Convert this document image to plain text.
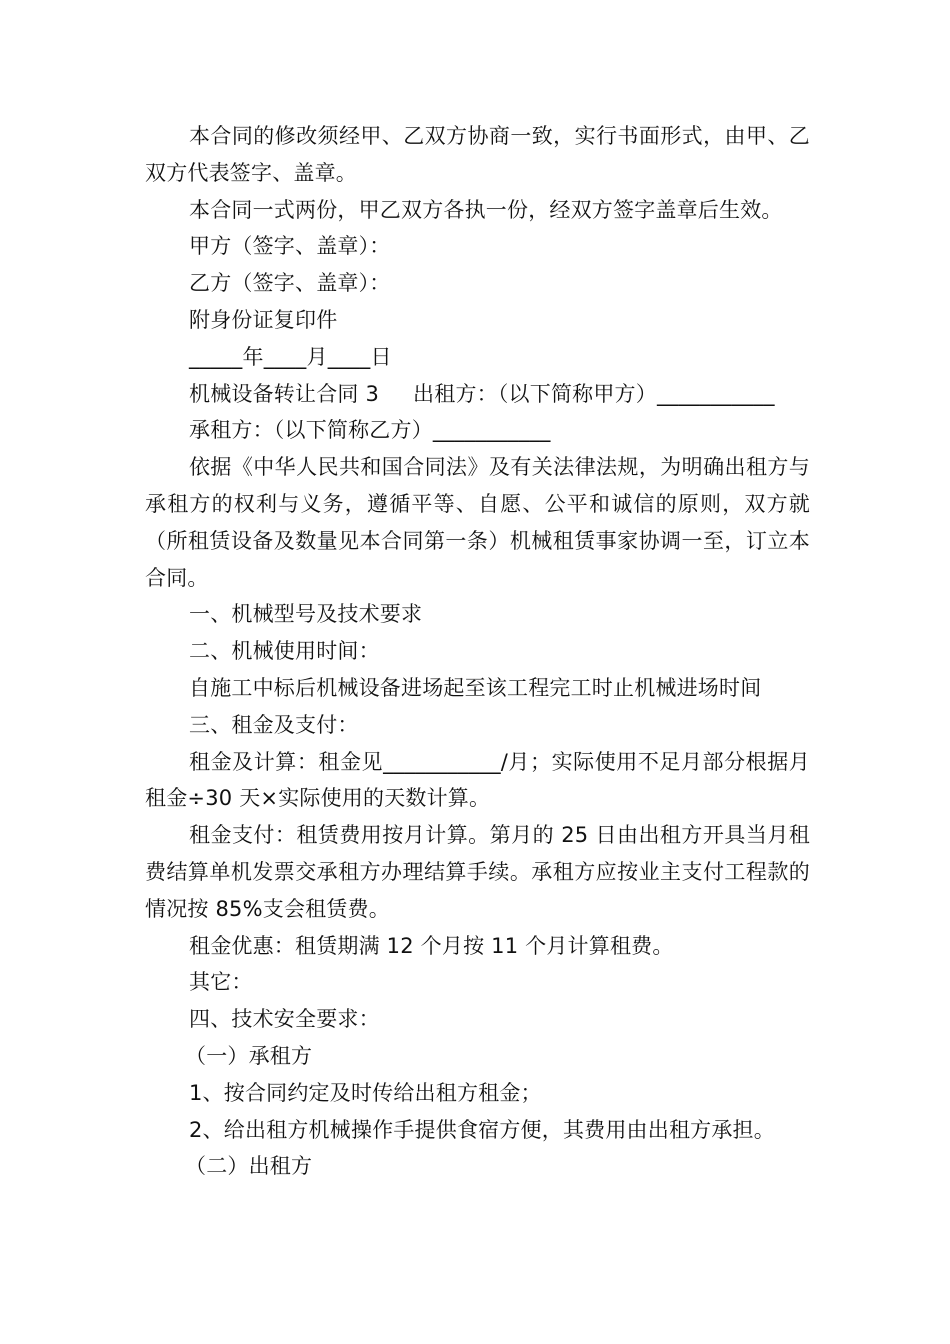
本合同的修改须经甲、乙双方协商一致，实行书面形式，由甲、乙双方代表签字、盖章。

本合同一式两份，甲乙双方各执一份，经双方签字盖章后生效。

甲方（签字、盖章）：

乙方（签字、盖章）：

附身份证复印件

_____年____月____日

机械设备转让合同 3 出租方：（以下简称甲方）___________

承租方：（以下简称乙方）___________

依据《中华人民共和国合同法》及有关法律法规，为明确出租方与承租方的权利与义务，遵循平等、自愿、公平和诚信的原则，双方就（所租赁设备及数量见本合同第一条）机械租赁事家协调一至，订立本合同。

一、机械型号及技术要求

二、机械使用时间：

自施工中标后机械设备进场起至该工程完工时止机械进场时间

三、租金及支付：

租金及计算：租金见___________/月；实际使用不足月部分根据月租金÷30 天×实际使用的天数计算。

租金支付：租赁费用按月计算。第月的 25 日由出租方开具当月租费结算单机发票交承租方办理结算手续。承租方应按业主支付工程款的情况按 85%支会租赁费。

租金优惠：租赁期满 12 个月按 11 个月计算租费。

其它：

四、技术安全要求：

（一）承租方

1、按合同约定及时传给出租方租金；

2、给出租方机械操作手提供食宿方便，其费用由出租方承担。

（二）出租方
